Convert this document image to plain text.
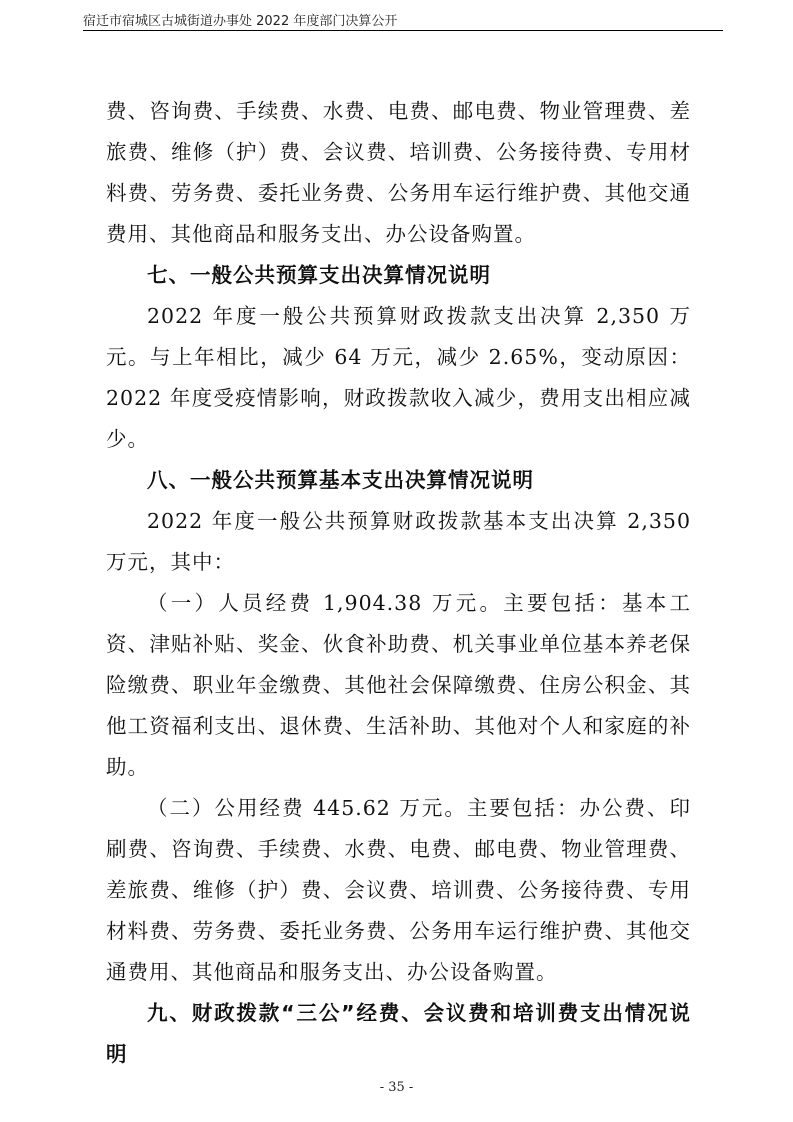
宿迁市宿城区古城街道办事处 2022 年度部门决算公开

费、咨询费、手续费、水费、电费、邮电费、物业管理费、差旅费、维修（护）费、会议费、培训费、公务接待费、专用材料费、劳务费、委托业务费、公务用车运行维护费、其他交通费用、其他商品和服务支出、办公设备购置。

七、一般公共预算支出决算情况说明

2022 年度一般公共预算财政拨款支出决算 2,350 万元。与上年相比，减少 64 万元，减少 2.65%，变动原因：2022 年度受疫情影响，财政拨款收入减少，费用支出相应减少。

八、一般公共预算基本支出决算情况说明

2022 年度一般公共预算财政拨款基本支出决算 2,350 万元，其中：

（一）人员经费 1,904.38 万元。主要包括：基本工资、津贴补贴、奖金、伙食补助费、机关事业单位基本养老保险缴费、职业年金缴费、其他社会保障缴费、住房公积金、其他工资福利支出、退休费、生活补助、其他对个人和家庭的补助。

（二）公用经费 445.62 万元。主要包括：办公费、印刷费、咨询费、手续费、水费、电费、邮电费、物业管理费、差旅费、维修（护）费、会议费、培训费、公务接待费、专用材料费、劳务费、委托业务费、公务用车运行维护费、其他交通费用、其他商品和服务支出、办公设备购置。

九、财政拨款“三公”经费、会议费和培训费支出情况说明

- 35 -
